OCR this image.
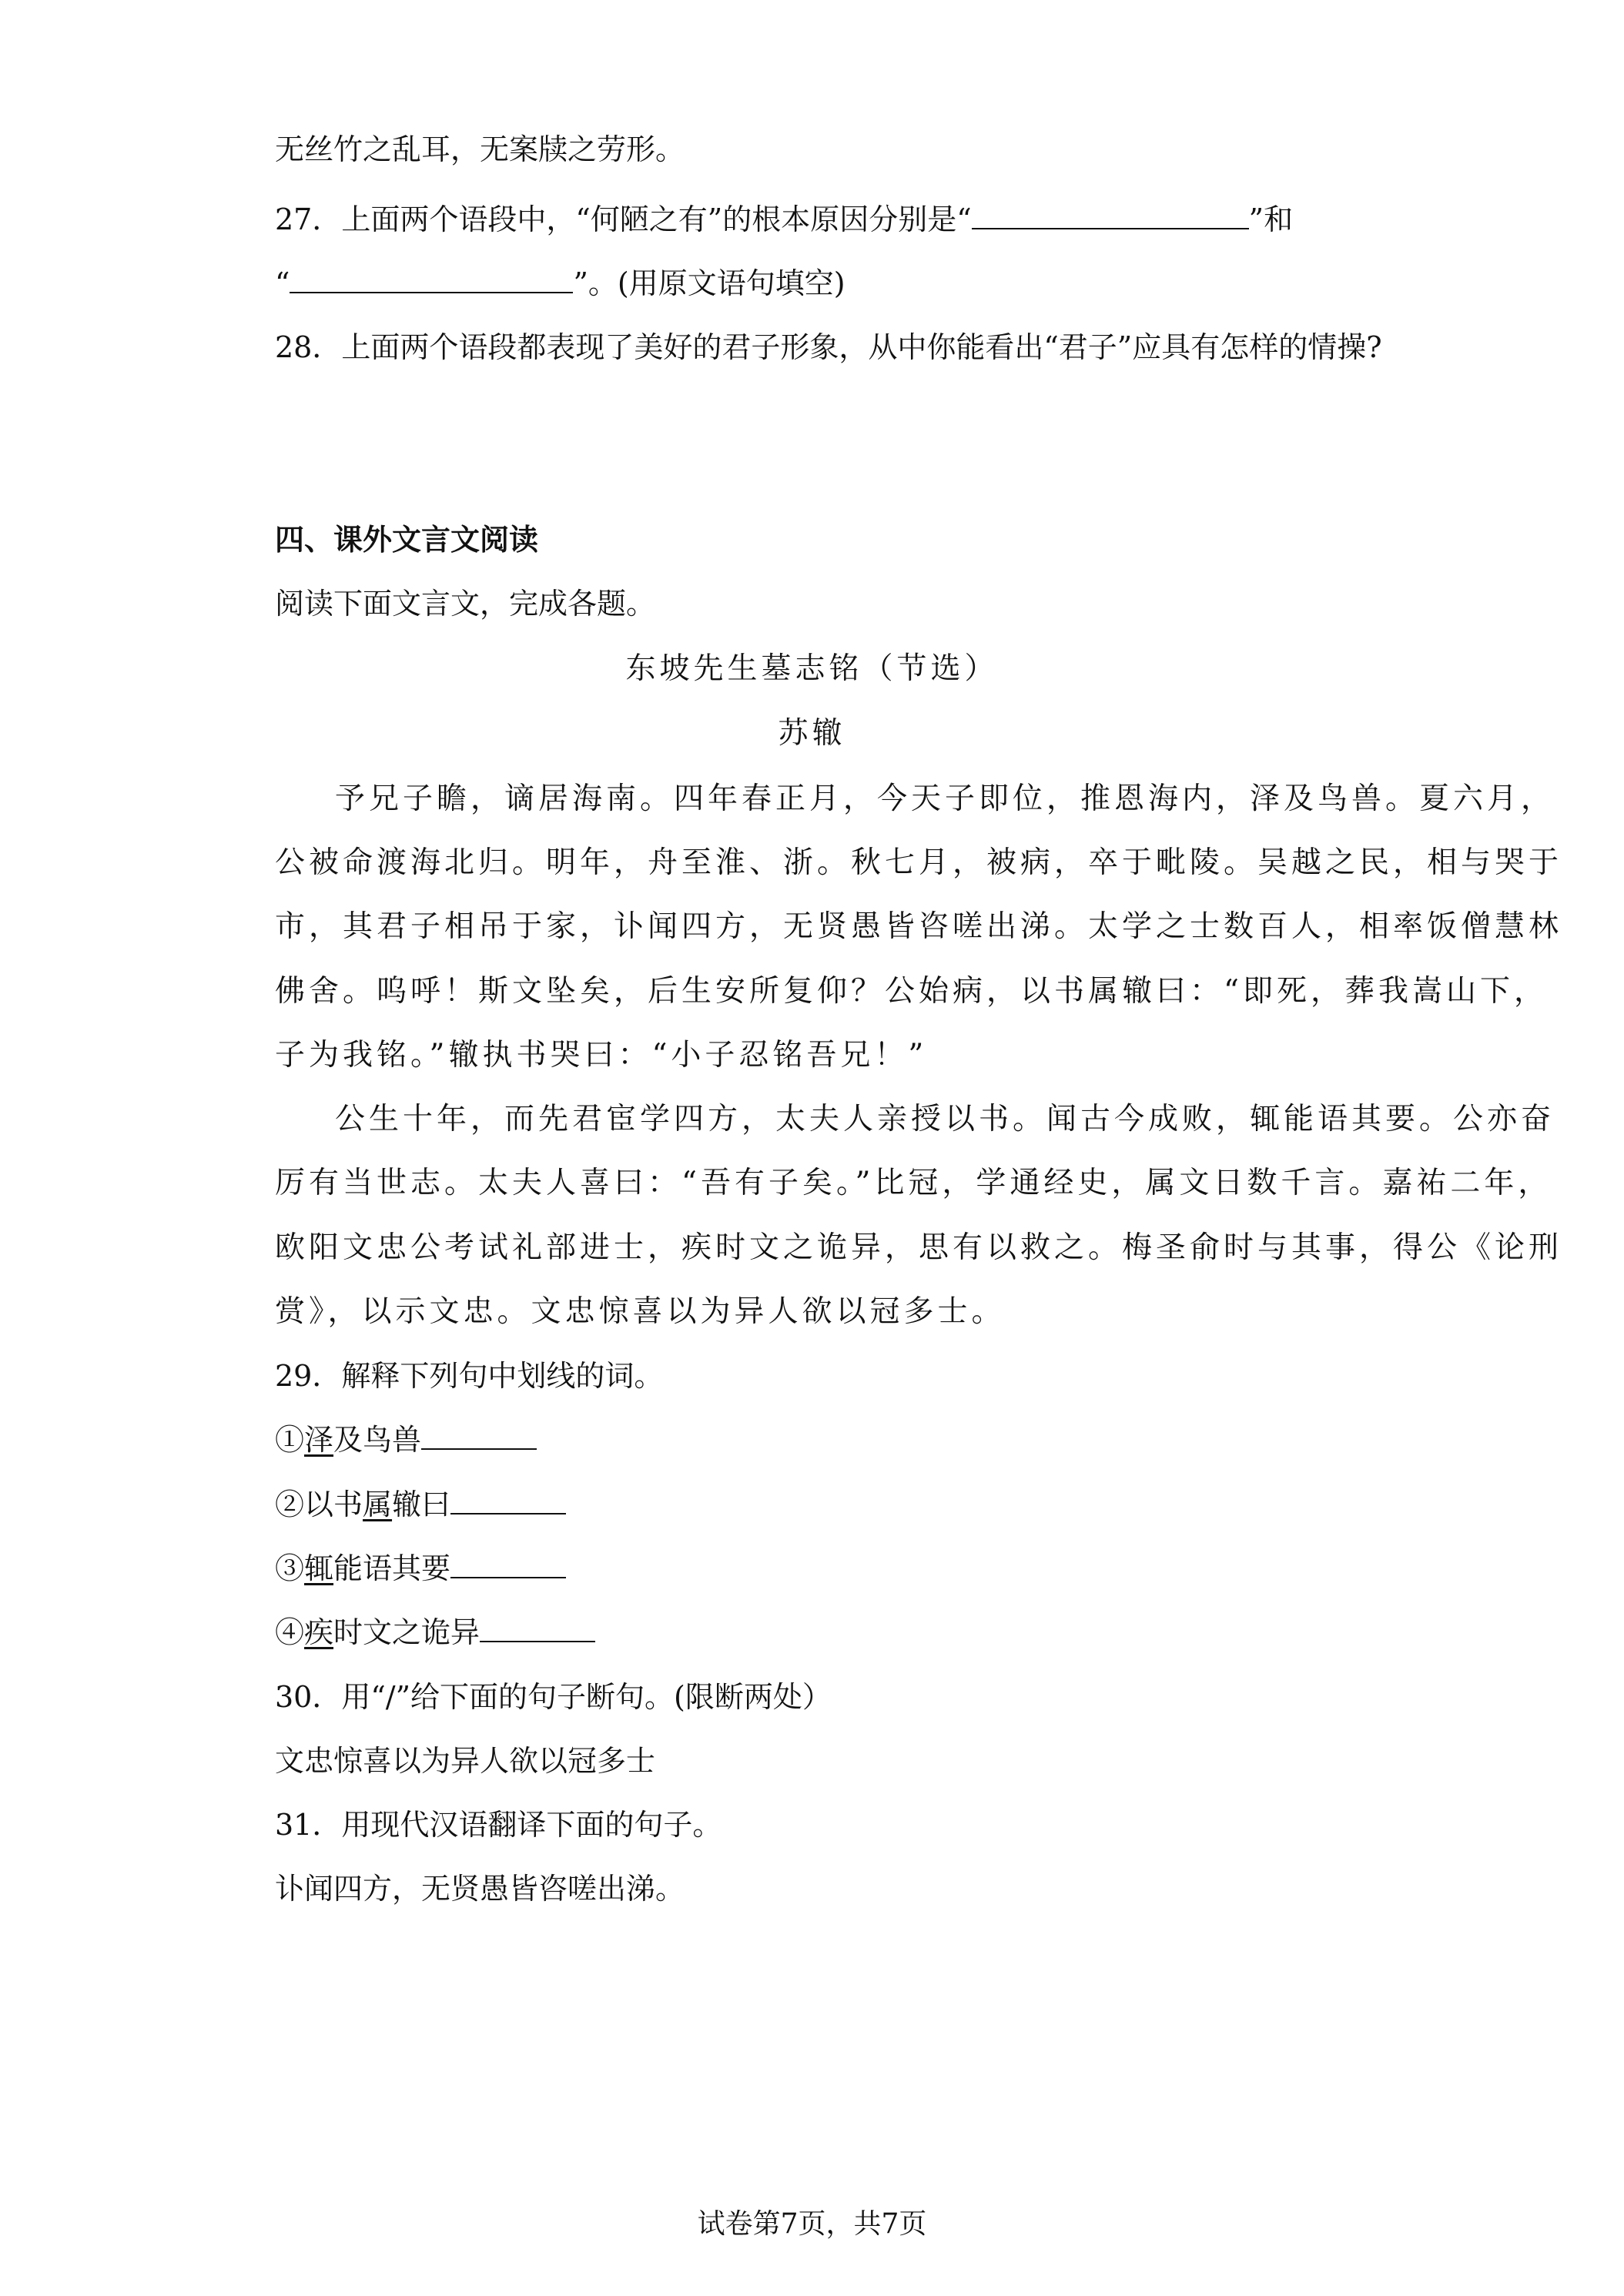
无丝竹之乱耳，无案牍之劳形。
27．上面两个语段中，“何陋之有”的根本原因分别是“	”和
“	”。(用原文语句填空)
28．上面两个语段都表现了美好的君子形象，从中你能看出“君子”应具有怎样的情操?
四、课外文言文阅读
阅读下面文言文，完成各题。
东坡先生墓志铭（节选）
苏辙
予兄子瞻，谪居海南。四年春正月，今天子即位，推恩海内，泽及鸟兽。夏六月，
公被命渡海北归。明年，舟至淮、浙。秋七月，被病，卒于毗陵。吴越之民，相与哭于
市，其君子相吊于家，讣闻四方，无贤愚皆咨嗟出涕。太学之士数百人，相率饭僧慧林
佛舍。呜呼！斯文坠矣，后生安所复仰？公始病，以书属辙曰：“即死，葬我嵩山下，
子为我铭。”辙执书哭曰：“小子忍铭吾兄！”
公生十年，而先君宦学四方，太夫人亲授以书。闻古今成败，辄能语其要。公亦奋
厉有当世志。太夫人喜曰：“吾有子矣。”比冠，学通经史，属文日数千言。嘉祐二年，
欧阳文忠公考试礼部进士，疾时文之诡异，思有以救之。梅圣俞时与其事，得公《论刑
赏》，以示文忠。文忠惊喜以为异人欲以冠多士。
29．解释下列句中划线的词。
①泽及鸟兽
②以书属辙曰
③辄能语其要
④疾时文之诡异
30．用“/”给下面的句子断句。(限断两处）
文忠惊喜以为异人欲以冠多士
31．用现代汉语翻译下面的句子。
讣闻四方，无贤愚皆咨嗟出涕。
试卷第7页，共7页
